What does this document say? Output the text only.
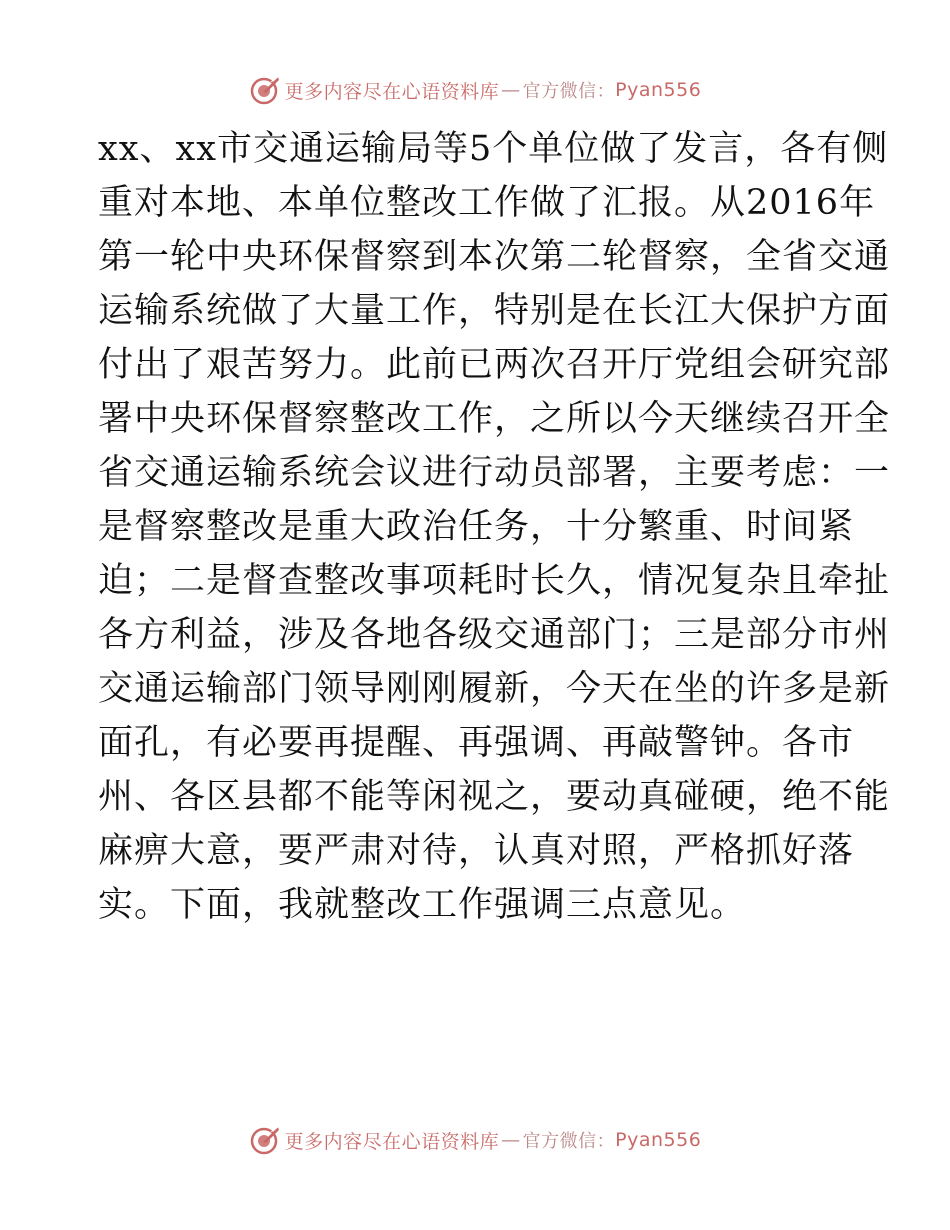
更多内容尽在心语资料库 — 官方微信： Pyan556
xx、xx市交通运输局等5个单位做了发言，各有侧
重对本地、本单位整改工作做了汇报。从2016年
第一轮中央环保督察到本次第二轮督察，全省交通
运输系统做了大量工作，特别是在长江大保护方面
付出了艰苦努力。此前已两次召开厅党组会研究部
署中央环保督察整改工作，之所以今天继续召开全
省交通运输系统会议进行动员部署，主要考虑：一
是督察整改是重大政治任务，十分繁重、时间紧
迫；二是督查整改事项耗时长久，情况复杂且牵扯
各方利益，涉及各地各级交通部门；三是部分市州
交通运输部门领导刚刚履新，今天在坐的许多是新
面孔，有必要再提醒、再强调、再敲警钟。各市
州、各区县都不能等闲视之，要动真碰硬，绝不能
麻痹大意，要严肃对待，认真对照，严格抓好落
实。下面，我就整改工作强调三点意见。
更多内容尽在心语资料库 — 官方微信： Pyan556
